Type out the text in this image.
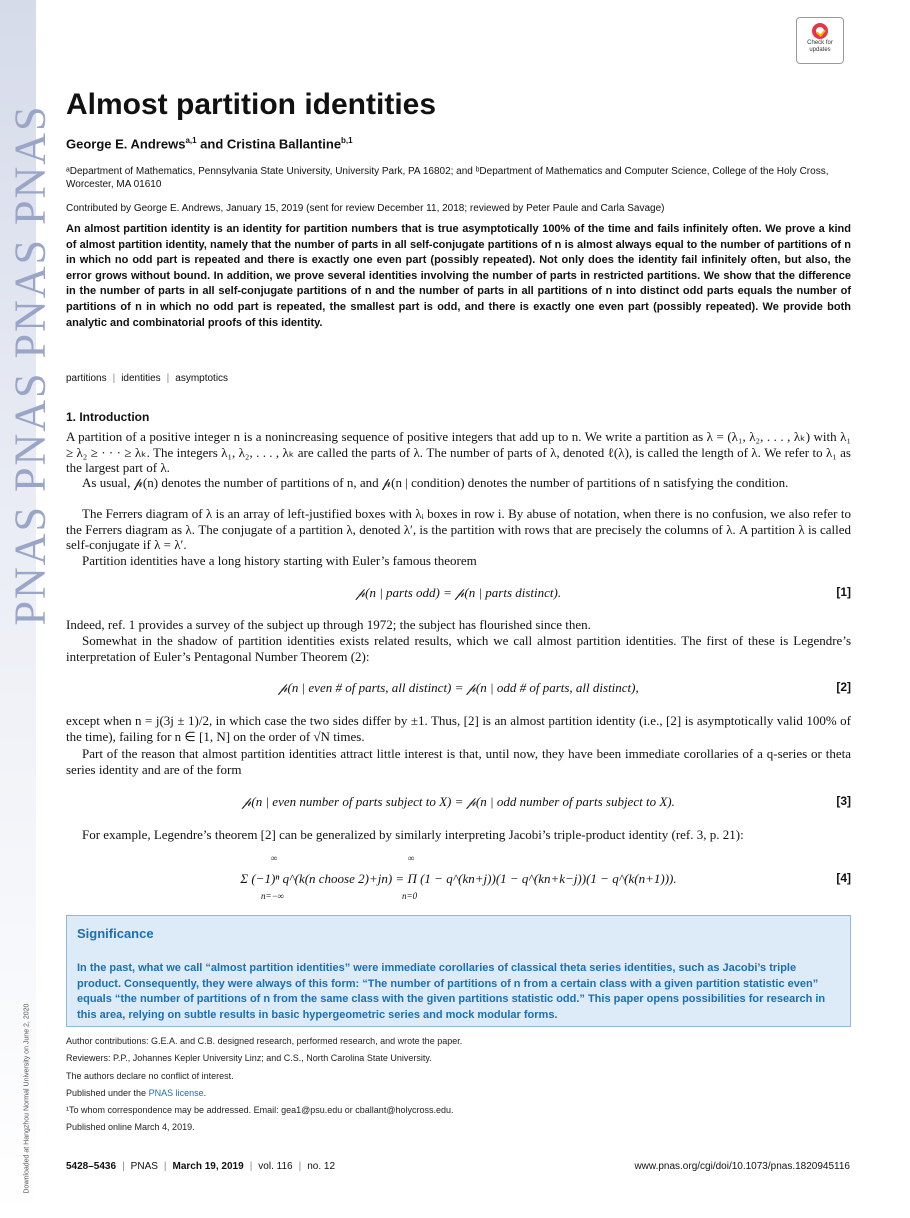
PNAS PNAS PNAS PNAS
Downloaded at Hangzhou Normal University on June 2, 2020
Check for
updates
Almost partition identities
George E. Andrews$^{a,1}$ and Cristina Ballantine$^{b,1}$
ᵃDepartment of Mathematics, Pennsylvania State University, University Park, PA 16802; and ᵇDepartment of Mathematics and Computer Science, College of the Holy Cross, Worcester, MA 01610
Contributed by George E. Andrews, January 15, 2019 (sent for review December 11, 2018; reviewed by Peter Paule and Carla Savage)

An almost partition identity is an identity for partition numbers that is true asymptotically 100% of the time and fails infinitely often. We prove a kind of almost partition identity, namely that the number of parts in all self-conjugate partitions of n is almost always equal to the number of partitions of n in which no odd part is repeated and there is exactly one even part (possibly repeated). Not only does the identity fail infinitely often, but also, the error grows without bound. In addition, we prove several identities involving the number of parts in restricted partitions. We show that the difference in the number of parts in all self-conjugate partitions of n and the number of parts in all partitions of n into distinct odd parts equals the number of partitions of n in which no odd part is repeated, the smallest part is odd, and there is exactly one even part (possibly repeated). We provide both analytic and combinatorial proofs of this identity.

partitions | identities | asymptotics
1. Introduction

A partition of a positive integer n is a nonincreasing sequence of positive integers that add up to n. We write a partition as λ = (λ₁, λ₂, . . . , λₖ) with λ₁ ≥ λ₂ ≥ · · · ≥ λₖ. The integers λ₁, λ₂, . . . , λₖ are called the parts of λ. The number of parts of λ, denoted ℓ(λ), is called the length of λ. We refer to λ₁ as the largest part of λ.

As usual, 𝓅(n) denotes the number of partitions of n, and 𝓅(n | condition) denotes the number of partitions of n satisfying the condition.

The Ferrers diagram of λ is an array of left-justified boxes with λᵢ boxes in row i. By abuse of notation, when there is no confusion, we also refer to the Ferrers diagram as λ. The conjugate of a partition λ, denoted λ′, is the partition with rows that are precisely the columns of λ. A partition λ is called self-conjugate if λ = λ′.

Partition identities have a long history starting with Euler’s famous theorem

𝓅(n | parts odd) = 𝓅(n | parts distinct).	[1]

Indeed, ref. 1 provides a survey of the subject up through 1972; the subject has flourished since then.

Somewhat in the shadow of partition identities exists related results, which we call almost partition identities. The first of these is Legendre’s interpretation of Euler’s Pentagonal Number Theorem (2):

𝓅(n | even # of parts, all distinct) = 𝓅(n | odd # of parts, all distinct),	[2]

except when n = j(3j ± 1)/2, in which case the two sides differ by ±1. Thus, [2] is an almost partition identity (i.e., [2] is asymptotically valid 100% of the time), failing for n ∈ [1, N] on the order of √N times.

Part of the reason that almost partition identities attract little interest is that, until now, they have been immediate corollaries of a q-series or theta series identity and are of the form

𝓅(n | even number of parts subject to X) = 𝓅(n | odd number of parts subject to X).	[3]

For example, Legendre’s theorem [2] can be generalized by similarly interpreting Jacobi’s triple-product identity (ref. 3, p. 21):

∞
n=−∞
∞
n=0
Σ (−1)ⁿ q^(k(n choose 2)+jn) = Π (1 − q^(kn+j))(1 − q^(kn+k−j))(1 − q^(k(n+1))).	[4]
Significance

In the past, what we call “almost partition identities” were immediate corollaries of classical theta series identities, such as Jacobi’s triple product. Consequently, they were always of this form: “The number of partitions of n from a certain class with a given partition statistic even” equals “the number of partitions of n from the same class with the given partitions statistic odd.” This paper opens possibilities for research in this area, relying on subtle results in basic hypergeometric series and mock modular forms.

Author contributions: G.E.A. and C.B. designed research, performed research, and wrote the paper.
Reviewers: P.P., Johannes Kepler University Linz; and C.S., North Carolina State University.
The authors declare no conflict of interest.
Published under the PNAS license.
¹To whom correspondence may be addressed. Email: gea1@psu.edu or cballant@holycross.edu.
Published online March 4, 2019.
5428–5436 | PNAS | March 19, 2019 | vol. 116 | no. 12	www.pnas.org/cgi/doi/10.1073/pnas.1820945116
